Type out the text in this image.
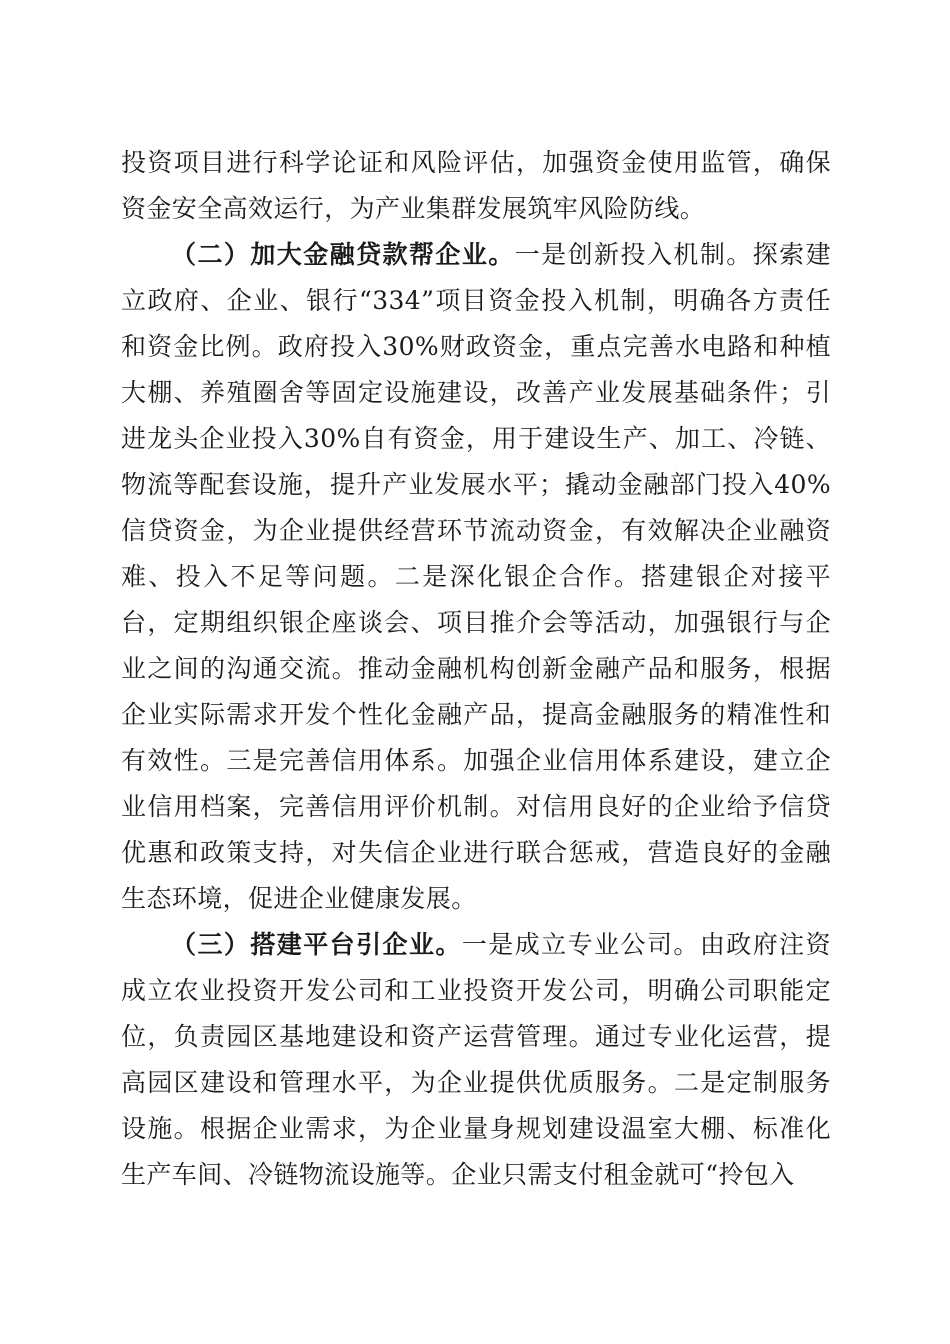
投资项目进行科学论证和风险评估，加强资金使用监管，确保资金安全高效运行，为产业集群发展筑牢风险防线。

（二）加大金融贷款帮企业。一是创新投入机制。探索建立政府、企业、银行“334”项目资金投入机制，明确各方责任和资金比例。政府投入30%财政资金，重点完善水电路和种植大棚、养殖圈舍等固定设施建设，改善产业发展基础条件；引进龙头企业投入30%自有资金，用于建设生产、加工、冷链、物流等配套设施，提升产业发展水平；撬动金融部门投入40%信贷资金，为企业提供经营环节流动资金，有效解决企业融资难、投入不足等问题。二是深化银企合作。搭建银企对接平台，定期组织银企座谈会、项目推介会等活动，加强银行与企业之间的沟通交流。推动金融机构创新金融产品和服务，根据企业实际需求开发个性化金融产品，提高金融服务的精准性和有效性。三是完善信用体系。加强企业信用体系建设，建立企业信用档案，完善信用评价机制。对信用良好的企业给予信贷优惠和政策支持，对失信企业进行联合惩戒，营造良好的金融生态环境，促进企业健康发展。

（三）搭建平台引企业。一是成立专业公司。由政府注资成立农业投资开发公司和工业投资开发公司，明确公司职能定位，负责园区基地建设和资产运营管理。通过专业化运营，提高园区建设和管理水平，为企业提供优质服务。二是定制服务设施。根据企业需求，为企业量身规划建设温室大棚、标准化生产车间、冷链物流设施等。企业只需支付租金就可“拎包入
